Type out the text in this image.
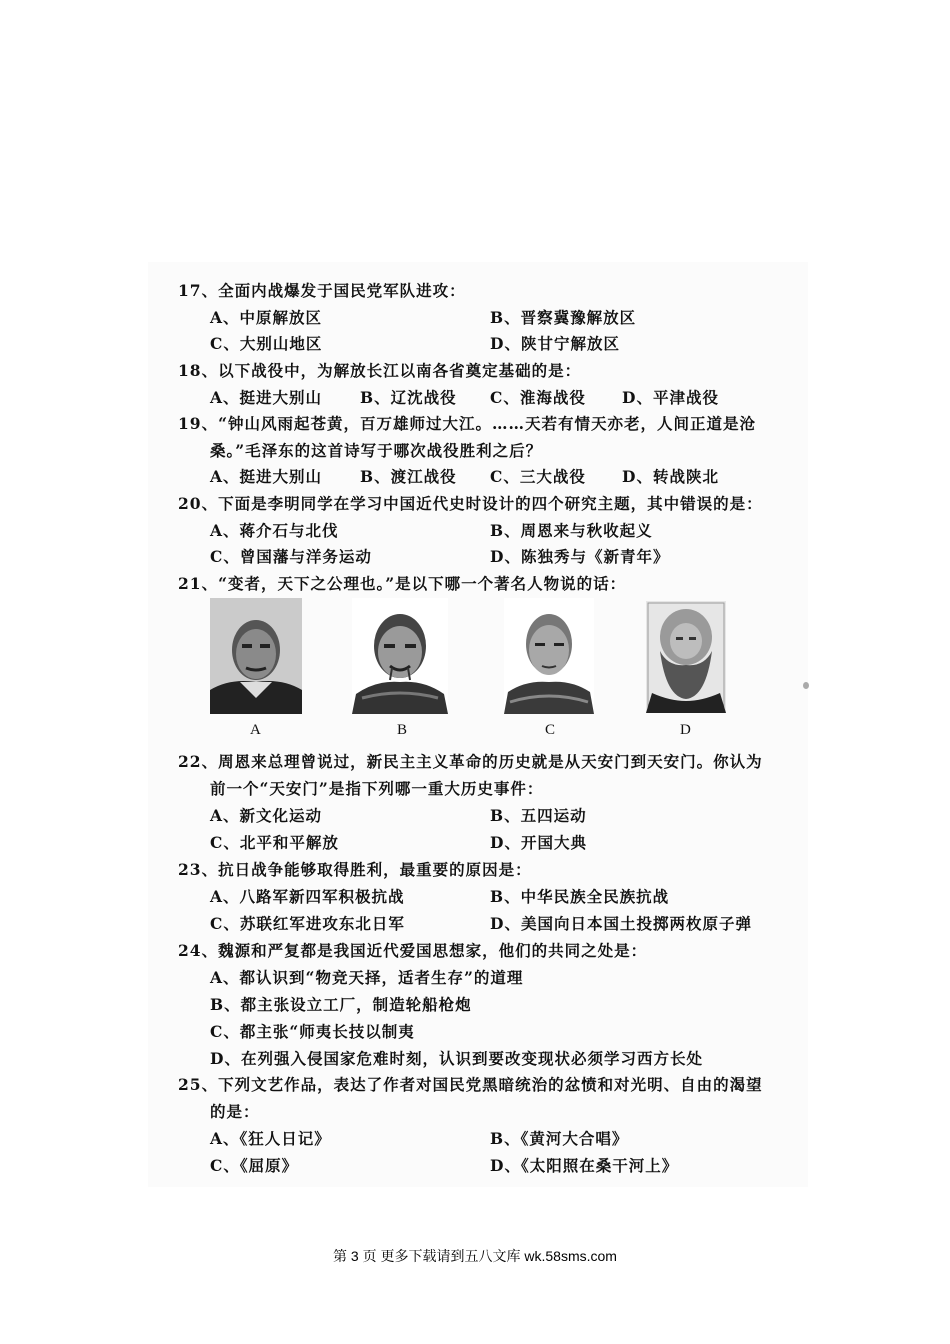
17、全面内战爆发于国民党军队进攻：
A、中原解放区	B、晋察冀豫解放区
C、大别山地区	D、陕甘宁解放区
18、以下战役中，为解放长江以南各省奠定基础的是：
A、挺进大别山 B、辽沈战役 C、淮海战役 D、平津战役
19、“钟山风雨起苍黄，百万雄师过大江。……天若有情天亦老，人间正道是沧
桑。”毛泽东的这首诗写于哪次战役胜利之后？
A、挺进大别山 B、渡江战役 C、三大战役 D、转战陕北
20、下面是李明同学在学习中国近代史时设计的四个研究主题，其中错误的是：
A、蒋介石与北伐	B、周恩来与秋收起义
C、曾国藩与洋务运动	D、陈独秀与《新青年》
21、“变者，天下之公理也。”是以下哪一个著名人物说的话：
A	B	C	D
22、周恩来总理曾说过，新民主主义革命的历史就是从天安门到天安门。你认为
前一个“天安门”是指下列哪一重大历史事件：
A、新文化运动	B、五四运动
C、北平和平解放	D、开国大典
23、抗日战争能够取得胜利，最重要的原因是：
A、八路军新四军积极抗战	B、中华民族全民族抗战
C、苏联红军进攻东北日军	D、美国向日本国土投掷两枚原子弹
24、魏源和严复都是我国近代爱国思想家，他们的共同之处是：
A、都认识到“物竞天择，适者生存”的道理
B、都主张设立工厂，制造轮船枪炮
C、都主张“师夷长技以制夷
D、在列强入侵国家危难时刻，认识到要改变现状必须学习西方长处
25、下列文艺作品，表达了作者对国民党黑暗统治的忿愤和对光明、自由的渴望
的是：
A、《狂人日记》	B、《黄河大合唱》
C、《屈原》	D、《太阳照在桑干河上》
第 3 页 更多下载请到五八文库 wk.58sms.com
